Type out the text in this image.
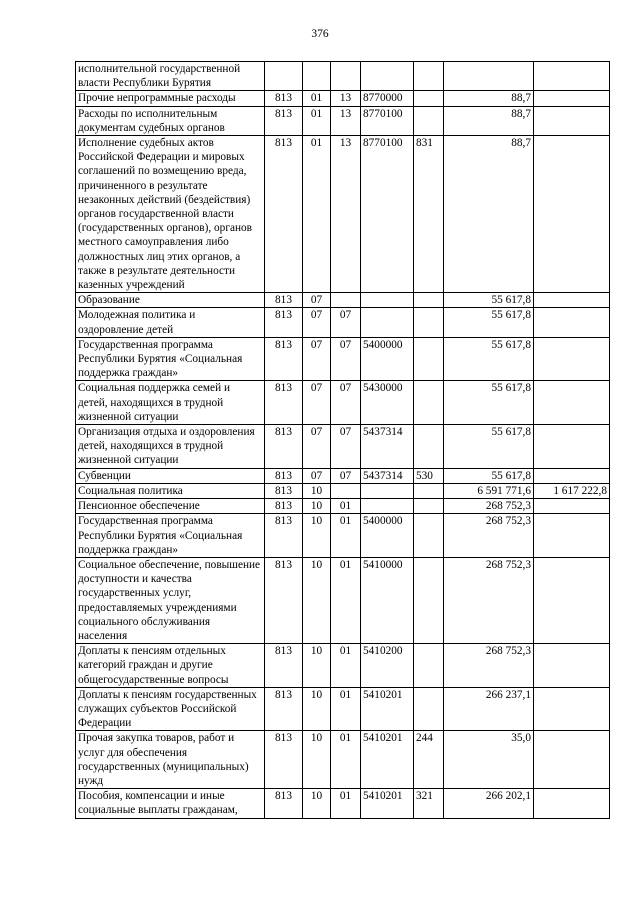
376
исполнительной государственной власти Республики Бурятия							
Прочие непрограммные расходы	813	01	13	8770000		88,7	
Расходы по исполнительным документам судебных органов	813	01	13	8770100		88,7	
Исполнение судебных актов Российской Федерации и мировых соглашений по возмещению вреда, причиненного в результате незаконных действий (бездействия) органов государственной власти (государственных органов), органов местного самоуправления либо должностных лиц этих органов, а также в результате деятельности казенных учреждений	813	01	13	8770100	831	88,7	
Образование	813	07				55 617,8	
Молодежная политика и оздоровление детей	813	07	07			55 617,8	
Государственная программа Республики Бурятия «Социальная поддержка граждан»	813	07	07	5400000		55 617,8	
Социальная поддержка семей и детей, находящихся в трудной жизненной ситуации	813	07	07	5430000		55 617,8	
Организация отдыха и оздоровления детей, находящихся в трудной жизненной ситуации	813	07	07	5437314		55 617,8	
Субвенции	813	07	07	5437314	530	55 617,8	
Социальная политика	813	10				6 591 771,6	1 617 222,8
Пенсионное обеспечение	813	10	01			268 752,3	
Государственная программа Республики Бурятия «Социальная поддержка граждан»	813	10	01	5400000		268 752,3	
Социальное обеспечение, повышение доступности и качества государственных услуг, предоставляемых учреждениями социального обслуживания населения	813	10	01	5410000		268 752,3	
Доплаты к пенсиям отдельных категорий граждан и другие общегосударственные вопросы	813	10	01	5410200		268 752,3	
Доплаты к пенсиям государственных служащих субъектов Российской Федерации	813	10	01	5410201		266 237,1	
Прочая закупка товаров, работ и услуг для обеспечения государственных (муниципальных) нужд	813	10	01	5410201	244	35,0	
Пособия, компенсации и иные социальные выплаты гражданам,	813	10	01	5410201	321	266 202,1	
